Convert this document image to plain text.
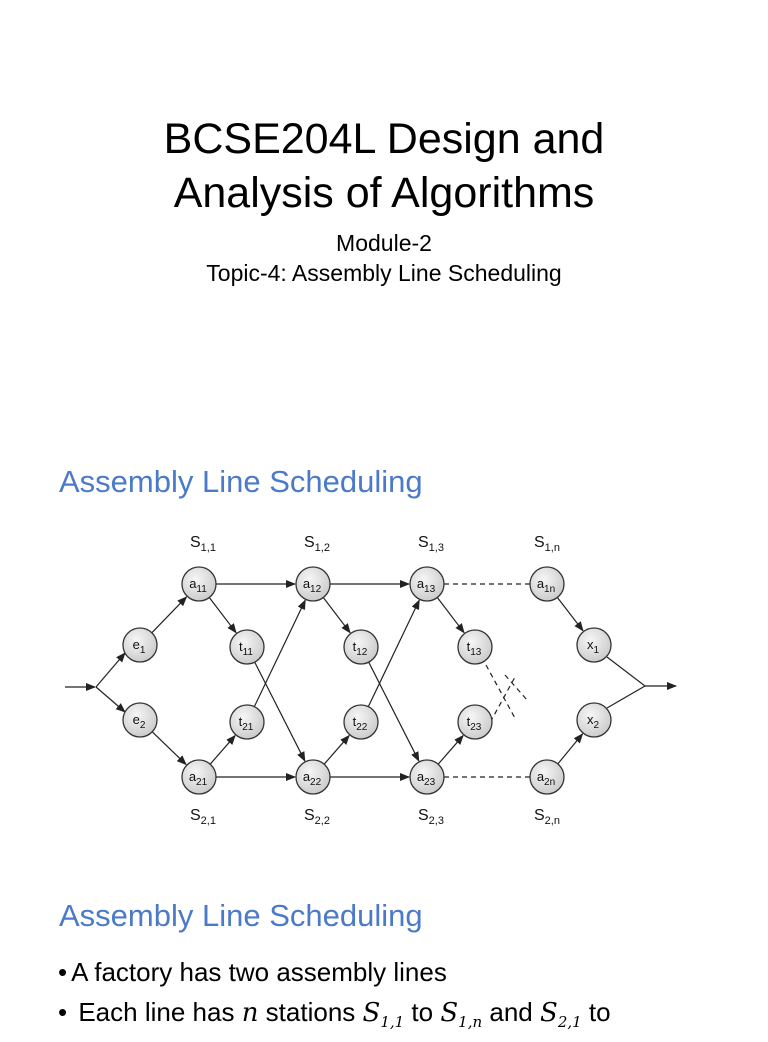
BCSE204L Design and
Analysis of Algorithms
Module-2
Topic-4: Assembly Line Scheduling
Assembly Line Scheduling
$a_{11}$	$a_{12}$	$a_{13}$	$a_{1n}$
$a_{21}$	$a_{22}$	$a_{23}$	$a_{2n}$
$e_1$
$e_2$
$t_{11}$	$t_{12}$	$t_{13}$
$t_{21}$	$t_{22}$	$t_{23}$
$x_1$
$x_2$
$S_{1,1}$	$S_{1,2}$	$S_{1,3}$	$S_{1,n}$
$S_{2,1}$	$S_{2,2}$	$S_{2,3}$	$S_{2,n}$
Assembly Line Scheduling
• A factory has two assembly lines
• Each line has n stations $S_{1,1}$ to $S_{1,n}$ and $S_{2,1}$ to
